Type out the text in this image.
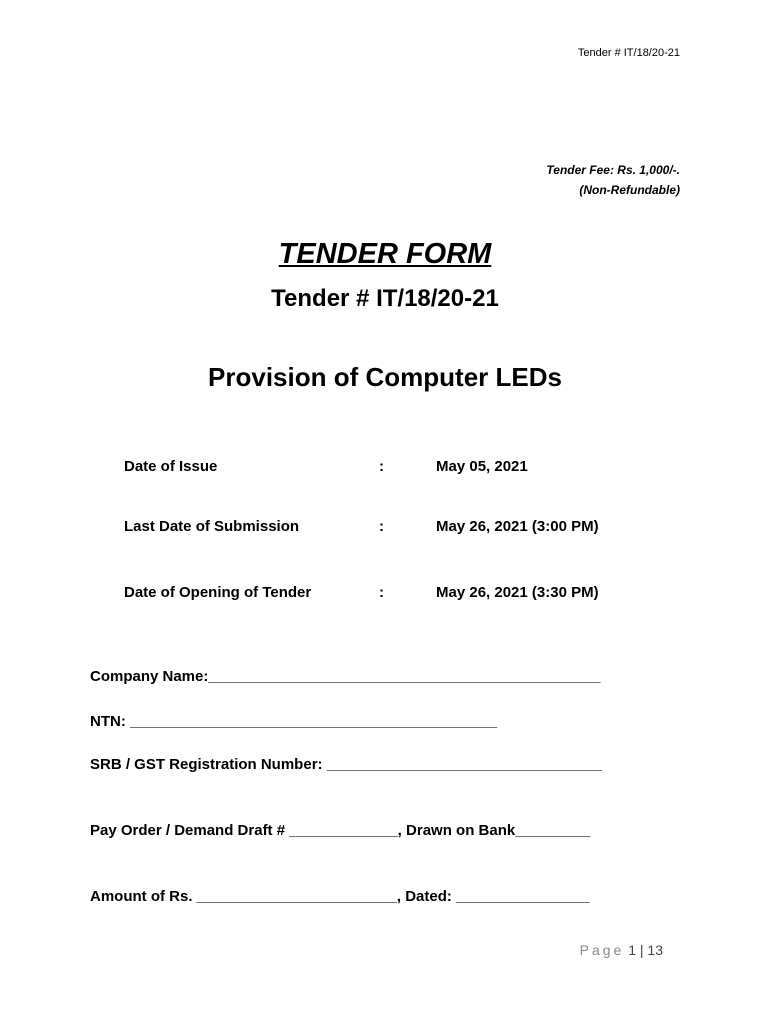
Tender # IT/18/20-21
Tender Fee: Rs. 1,000/-.
(Non-Refundable)
TENDER FORM
Tender # IT/18/20-21
Provision of Computer LEDs
Date of Issue	:	May 05, 2021
Last Date of Submission	:	May 26, 2021 (3:00 PM)
Date of Opening of Tender	:	May 26, 2021 (3:30 PM)
Company Name:_______________________________________________
NTN: ____________________________________________
SRB / GST Registration Number: _________________________________
Pay Order / Demand Draft # _____________, Drawn on Bank_________
Amount of Rs. ________________________, Dated: ________________
Page 1 | 13
